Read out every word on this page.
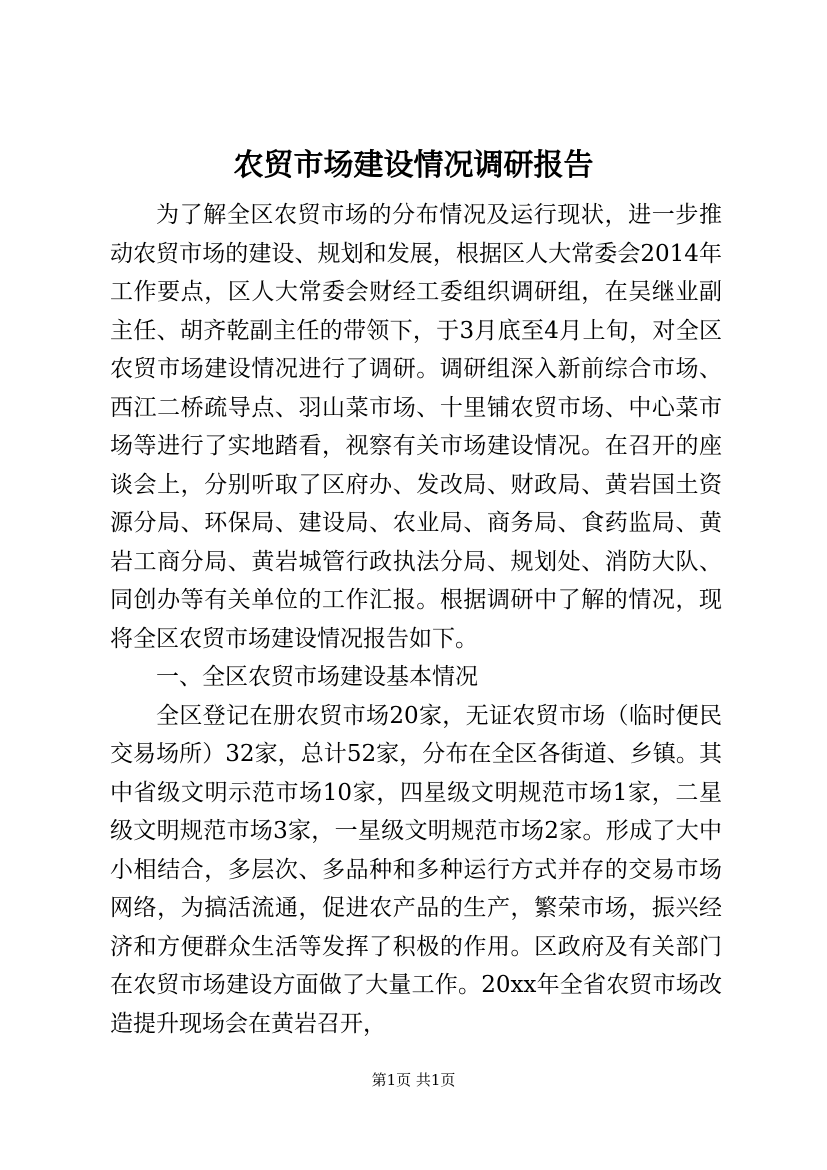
农贸市场建设情况调研报告

为了解全区农贸市场的分布情况及运行现状，进一步推动农贸市场的建设、规划和发展，根据区人大常委会2014年工作要点，区人大常委会财经工委组织调研组，在吴继业副主任、胡齐乾副主任的带领下，于3月底至4月上旬，对全区农贸市场建设情况进行了调研。调研组深入新前综合市场、西江二桥疏导点、羽山菜市场、十里铺农贸市场、中心菜市场等进行了实地踏看，视察有关市场建设情况。在召开的座谈会上，分别听取了区府办、发改局、财政局、黄岩国土资源分局、环保局、建设局、农业局、商务局、食药监局、黄岩工商分局、黄岩城管行政执法分局、规划处、消防大队、同创办等有关单位的工作汇报。根据调研中了解的情况，现将全区农贸市场建设情况报告如下。

一、全区农贸市场建设基本情况

全区登记在册农贸市场20家，无证农贸市场（临时便民交易场所）32家，总计52家，分布在全区各街道、乡镇。其中省级文明示范市场10家，四星级文明规范市场1家，二星级文明规范市场3家，一星级文明规范市场2家。形成了大中小相结合，多层次、多品种和多种运行方式并存的交易市场网络，为搞活流通，促进农产品的生产，繁荣市场，振兴经济和方便群众生活等发挥了积极的作用。区政府及有关部门在农贸市场建设方面做了大量工作。20xx年全省农贸市场改造提升现场会在黄岩召开，

第1页 共1页
